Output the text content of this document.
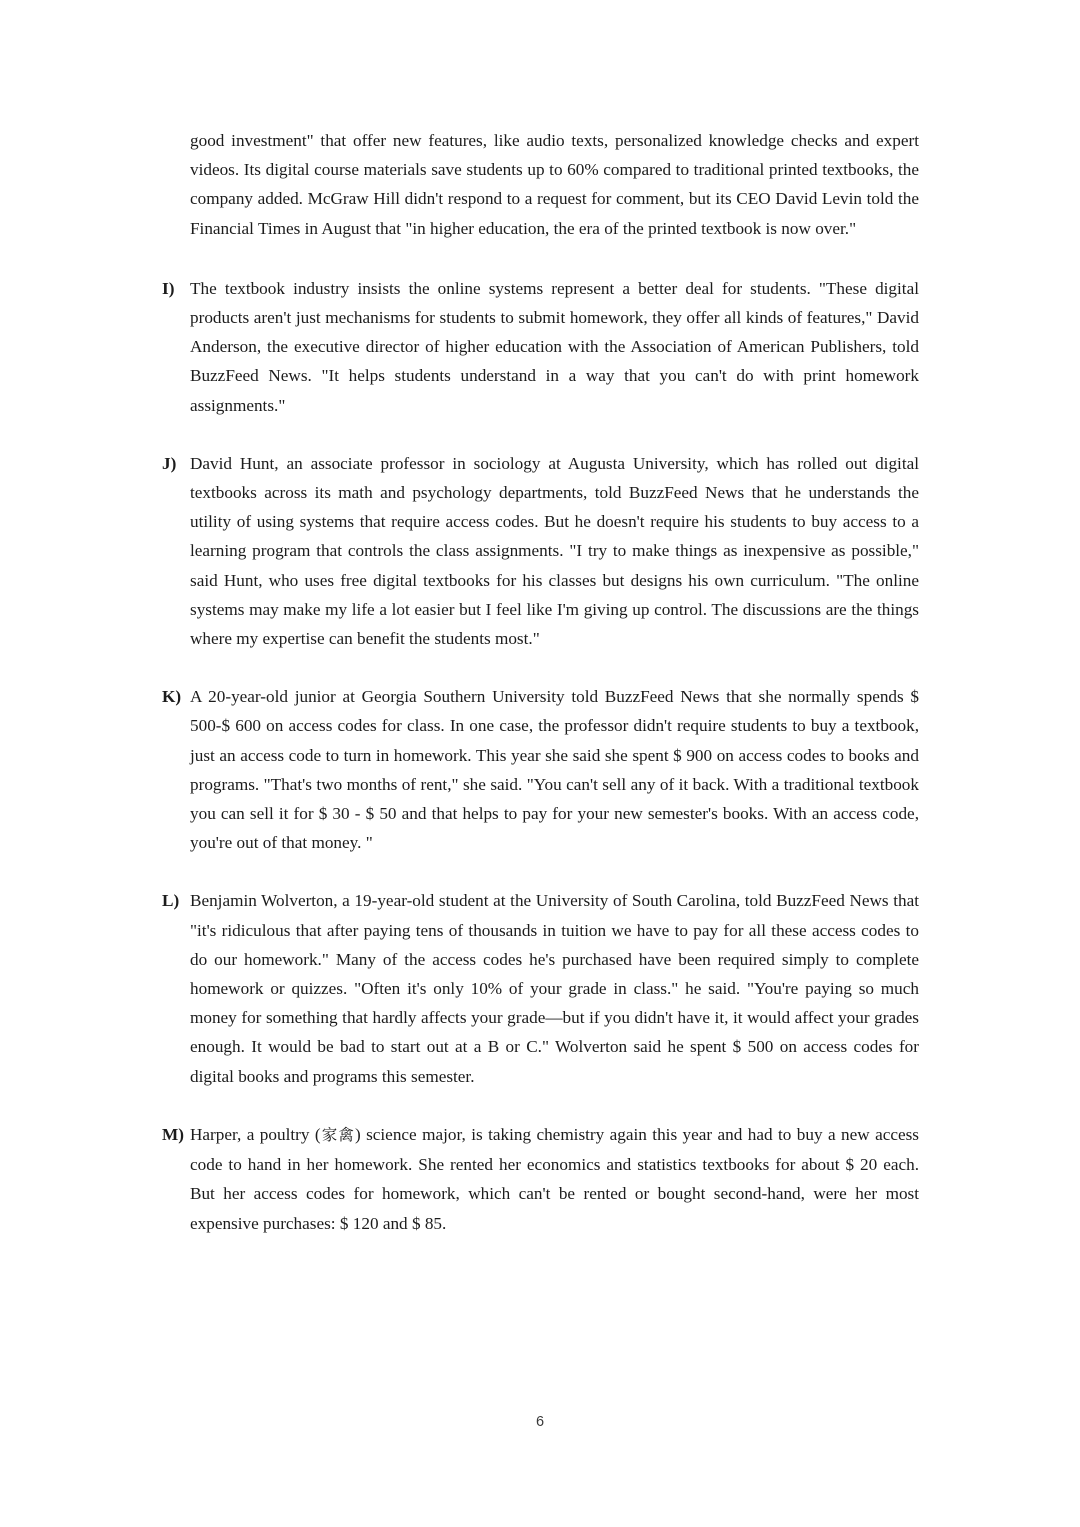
good investment" that offer new features, like audio texts, personalized knowledge checks and expert videos. Its digital course materials save students up to 60% compared to traditional printed textbooks, the company added. McGraw Hill didn't respond to a request for comment, but its CEO David Levin told the Financial Times in August that "in higher education, the era of the printed textbook is now over."

I) The textbook industry insists the online systems represent a better deal for students. "These digital products aren't just mechanisms for students to submit homework, they offer all kinds of features," David Anderson, the executive director of higher education with the Association of American Publishers, told BuzzFeed News. "It helps students understand in a way that you can't do with print homework assignments."

J) David Hunt, an associate professor in sociology at Augusta University, which has rolled out digital textbooks across its math and psychology departments, told BuzzFeed News that he understands the utility of using systems that require access codes. But he doesn't require his students to buy access to a learning program that controls the class assignments. "I try to make things as inexpensive as possible," said Hunt, who uses free digital textbooks for his classes but designs his own curriculum. "The online systems may make my life a lot easier but I feel like I'm giving up control. The discussions are the things where my expertise can benefit the students most."

K) A 20-year-old junior at Georgia Southern University told BuzzFeed News that she normally spends $ 500-$ 600 on access codes for class. In one case, the professor didn't require students to buy a textbook, just an access code to turn in homework. This year she said she spent $ 900 on access codes to books and programs. "That's two months of rent," she said. "You can't sell any of it back. With a traditional textbook you can sell it for $ 30 - $ 50 and that helps to pay for your new semester's books. With an access code, you're out of that money. "

L) Benjamin Wolverton, a 19-year-old student at the University of South Carolina, told BuzzFeed News that "it's ridiculous that after paying tens of thousands in tuition we have to pay for all these access codes to do our homework." Many of the access codes he's purchased have been required simply to complete homework or quizzes. "Often it's only 10% of your grade in class." he said. "You're paying so much money for something that hardly affects your grade—but if you didn't have it, it would affect your grades enough. It would be bad to start out at a B or C." Wolverton said he spent $ 500 on access codes for digital books and programs this semester.

M) Harper, a poultry (家禽) science major, is taking chemistry again this year and had to buy a new access code to hand in her homework. She rented her economics and statistics textbooks for about $ 20 each. But her access codes for homework, which can't be rented or bought second-hand, were her most expensive purchases: $ 120 and $ 85.

6
